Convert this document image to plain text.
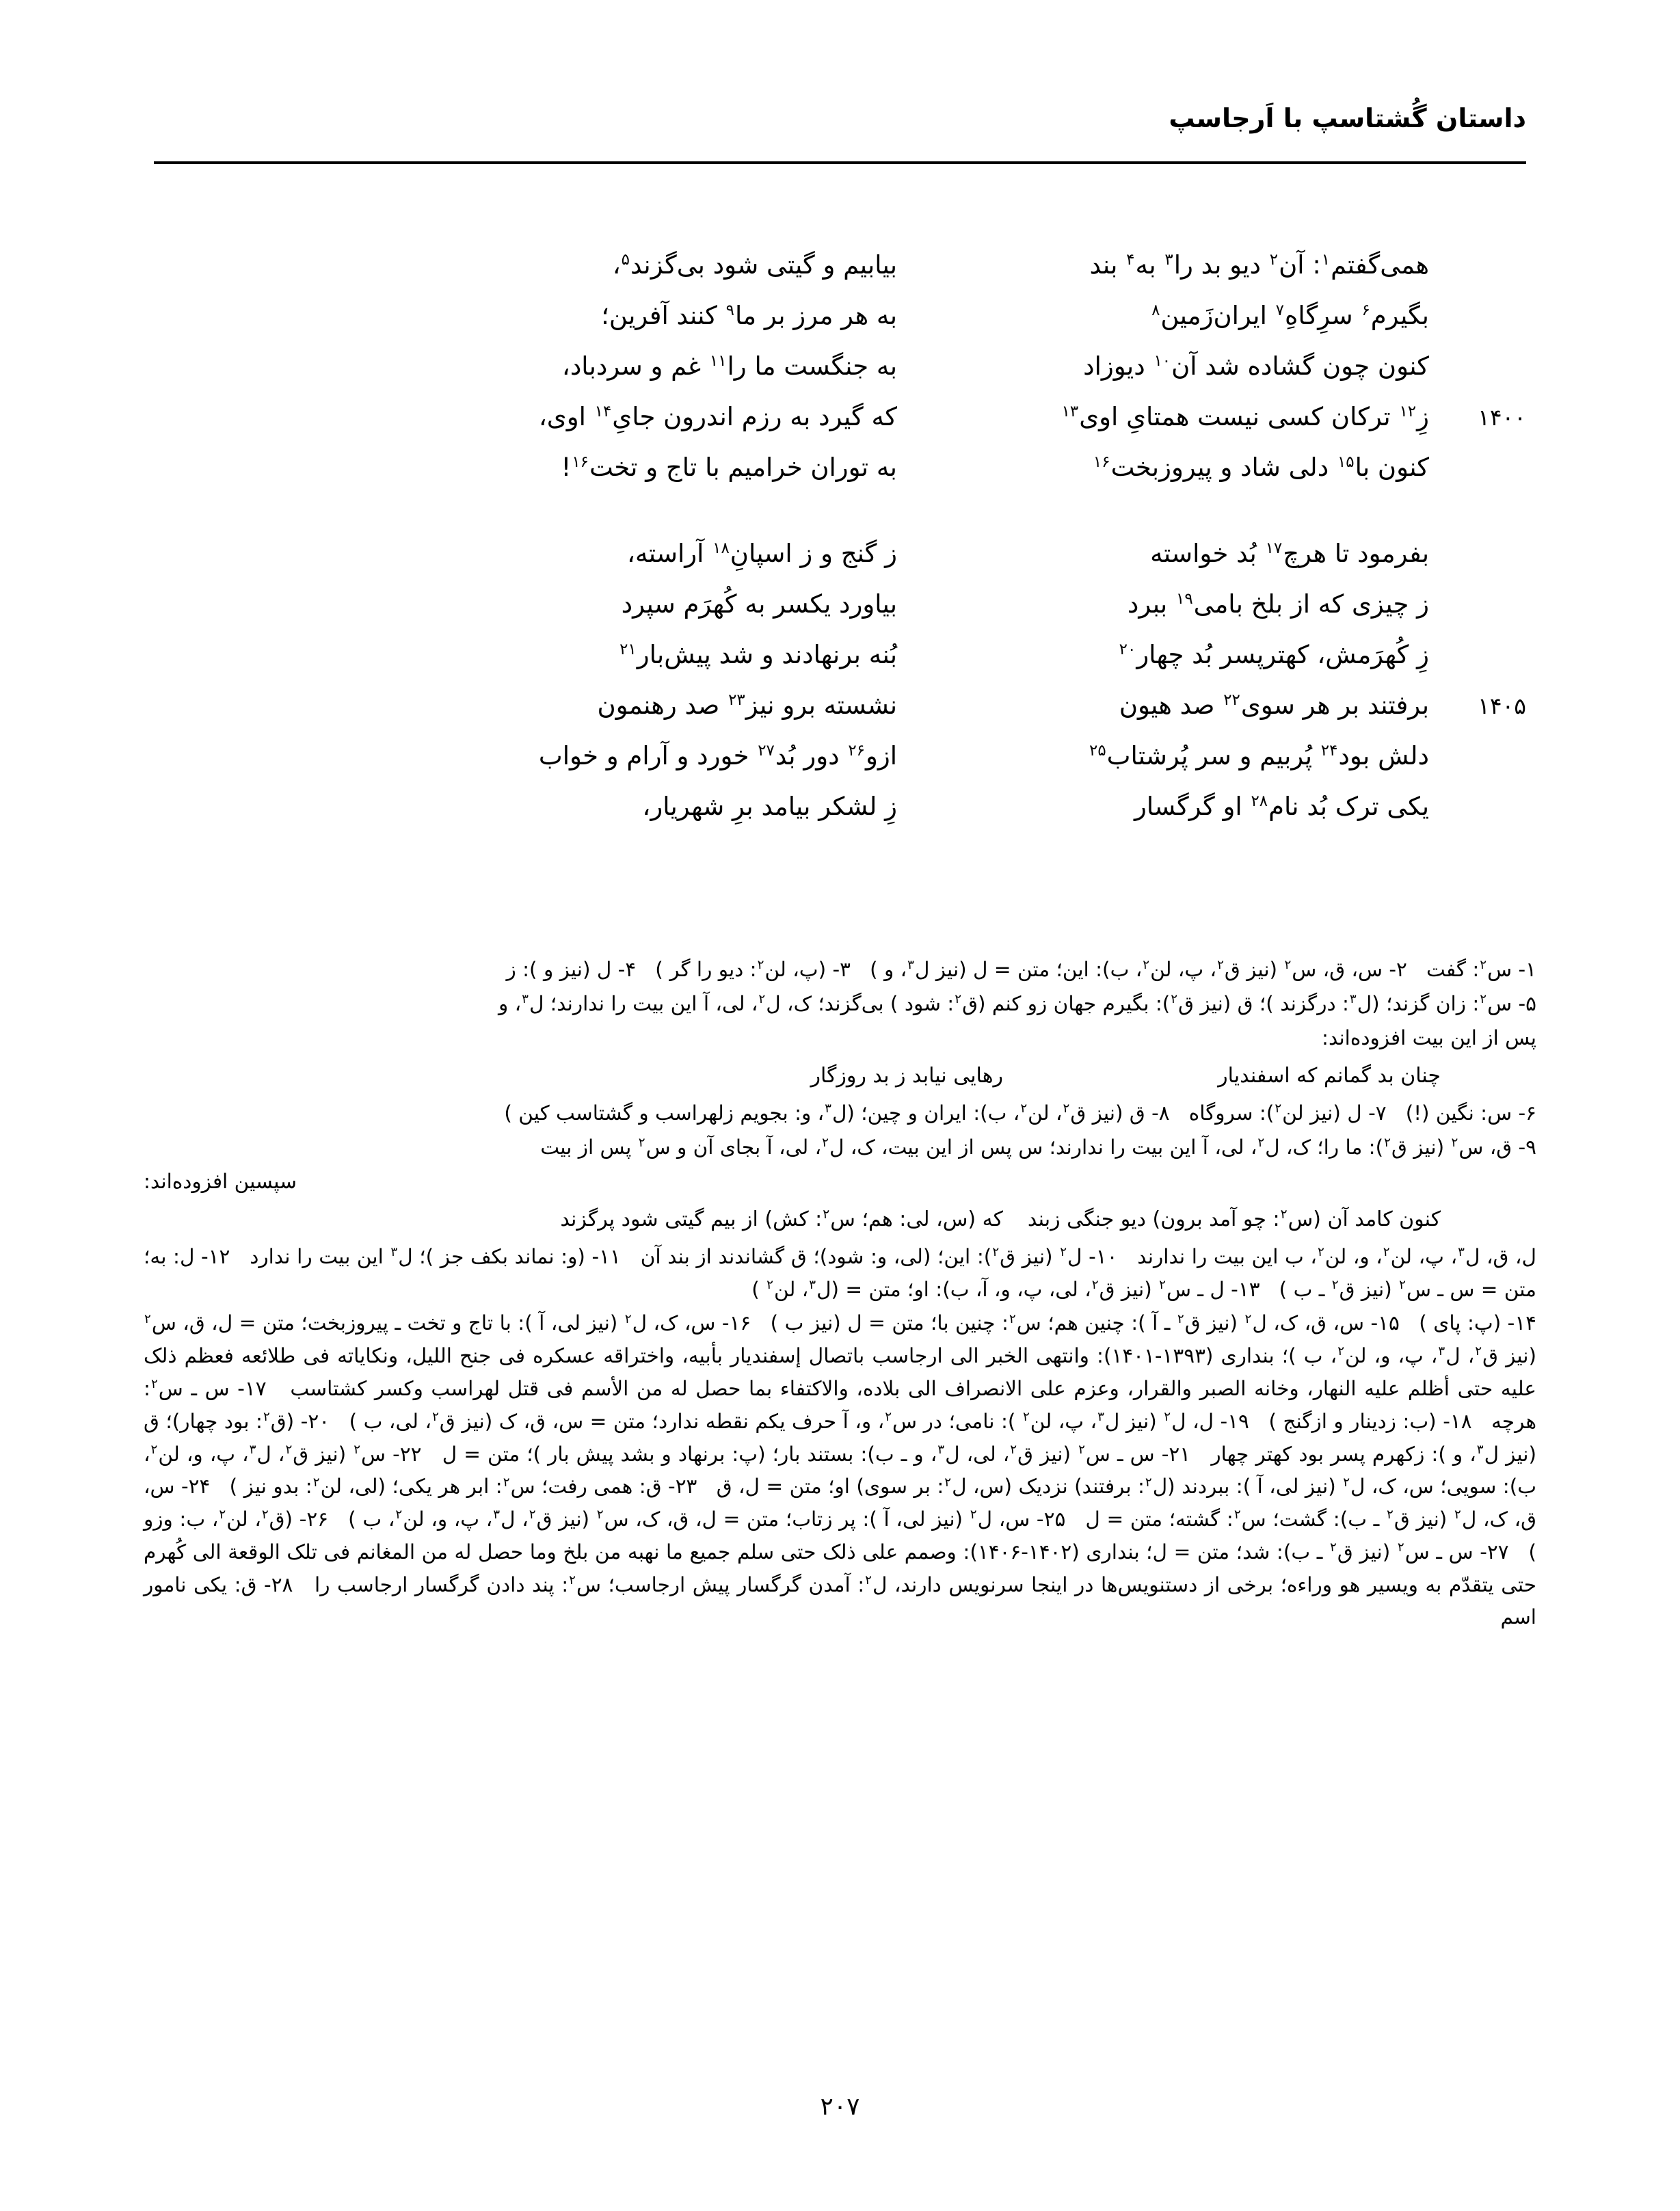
داستان گُشتاسپ با اَرجاسپ
همی‌گفتم$^۱$: آن$^۲$ دیو بد را$^۳$ به$^۴$ بند
بیابیم و گیتی شود بی‌گزند$^۵$،
بگیرم$^۶$ سرِگاهِ$^۷$ ایران‌زَمین$^۸$
به هر مرز بر ما$^۹$ کنند آفرین؛
کنون چون گشاده شد آن$^{۱۰}$ دیوزاد
به جنگست ما را$^{۱۱}$ غم و سردباد،
۱۴۰۰
زِ$^{۱۲}$ ترکان کسی نیست همتایِ اوی$^{۱۳}$
که گیرد به رزم اندرون جایِ$^{۱۴}$ اوی،
کنون با$^{۱۵}$ دلی شاد و پیروزبخت$^{۱۶}$
به توران خرامیم با تاج و تخت$^{۱۶}$!
بفرمود تا هرچ$^{۱۷}$ بُد خواسته
ز گنج و ز اسپانِ$^{۱۸}$ آراسته،
ز چیزی که از بلخ بامی$^{۱۹}$ ببرد
بیاورد یکسر به کُهرَم سپرد
زِ کُهرَمش، کهترپسر بُد چهار$^{۲۰}$
بُنه برنهادند و شد پیش‌بار$^{۲۱}$
۱۴۰۵
برفتند بر هر سوی$^{۲۲}$ صد هیون
نشسته برو نیز$^{۲۳}$ صد رهنمون
دلش بود$^{۲۴}$ پُربیم و سر پُرشتاب$^{۲۵}$
ازو$^{۲۶}$ دور بُد$^{۲۷}$ خورد و آرام و خواب
یکی ترک بُد نام$^{۲۸}$ او گرگسار
زِ لشکر بیامد برِ شهریار،
۱- س$^۲$: گفت   ۲- س، ق، س$^۲$ (نیز ق$^۲$، پ، لن$^۲$، ب): این؛ متن = ل (نیز ل$^۳$، و )   ۳- (پ، لن$^۲$: دیو را گر )   ۴- ل (نیز و ): ز
۵- س$^۲$: زان گزند؛ (ل$^۳$: درگزند )؛ ق (نیز ق$^۲$): بگیرم جهان زو کنم (ق$^۲$: شود ) بی‌گزند؛ ک، ل$^۲$، لی، آ این بیت را ندارند؛ ل$^۳$، و
پس از این بیت افزوده‌اند:
چنان بد گمانم که اسفندیار
رهایی نیابد ز بد روزگار
۶- س: نگین (!)   ۷- ل (نیز لن$^۲$): سروگاه   ۸- ق (نیز ق$^۲$، لن$^۲$، ب): ایران و چین؛ (ل$^۳$، و: بجویم زلهراسب و گشتاسب کین )
۹- ق، س$^۲$ (نیز ق$^۲$): ما را؛ ک، ل$^۲$، لی، آ این بیت را ندارند؛ س پس از این بیت، ک، ل$^۲$، لی، آ بجای آن و س$^۲$ پس از بیت
سپسین افزوده‌اند:
کنون کامد آن (س$^۲$: چو آمد برون) دیو جنگی زبند
که (س، لی: هم؛ س$^۲$: کش) از بیم گیتی شود پرگزند
ل، ق، ل$^۳$، پ، لن$^۲$، و، لن$^۲$، ب این بیت را ندارند   ۱۰- ل$^۲$ (نیز ق$^۲$): این؛ (لی، و: شود)؛ ق گشاندند از بند آن   ۱۱- (و: نماند بکف جز )؛ ل$^۳$ این بیت را ندارد   ۱۲- ل: به؛ متن = س ـ س$^۲$ (نیز ق$^۲$ ـ ب )   ۱۳- ل ـ س$^۲$ (نیز ق$^۲$، لی، پ، و، آ، ب): او؛ متن = (ل$^۳$، لن$^۲$ )
۱۴- (پ: پای )   ۱۵- س، ق، ک، ل$^۲$ (نیز ق$^۲$ ـ آ ): چنین هم؛ س$^۲$: چنین با؛ متن = ل (نیز ب )   ۱۶- س، ک، ل$^۲$ (نیز لی، آ ): با تاج و تخت ـ پیروزبخت؛ متن = ل، ق، س$^۲$ (نیز ق$^۲$، ل$^۳$، پ، و، لن$^۲$، ب )؛ بنداری (۱۳۹۳-۱۴۰۱): وانتهی الخبر الی ارجاسب باتصال إسفندیار بأبیه، واختراقه عسکره فی جنح اللیل، ونکایاته فی طلائعه فعظم ذلک علیه حتی أظلم علیه النهار، وخانه الصبر والقرار، وعزم علی الانصراف الی بلاده، والاکتفاء بما حصل له من الأسم فی قتل لهراسب وکسر کشتاسب   ۱۷- س ـ س$^۲$: هرچه   ۱۸- (ب: زدینار و ازگنج )   ۱۹- ل، ل$^۲$ (نیز ل$^۳$، پ، لن$^۲$ ): نامی؛ در س$^۲$، و، آ حرف یکم نقطه ندارد؛ متن = س، ق، ک (نیز ق$^۲$، لی، ب )   ۲۰- (ق$^۲$: بود چهار)؛ ق (نیز ل$^۳$، و ): زکهرم پسر بود کهتر چهار   ۲۱- س ـ س$^۲$ (نیز ق$^۲$، لی، ل$^۳$، و ـ ب): بستند بار؛ (پ: برنهاد و بشد پیش بار )؛ متن = ل   ۲۲- س$^۲$ (نیز ق$^۲$، ل$^۳$، پ، و، لن$^۲$، ب): سویی؛ س، ک، ل$^۲$ (نیز لی، آ ): ببردند (ل$^۲$: برفتند) نزدیک (س، ل$^۲$: بر سوی) او؛ متن = ل، ق   ۲۳- ق: همی رفت؛ س$^۲$: ابر هر یکی؛ (لی، لن$^۲$: بدو نیز )   ۲۴- س، ق، ک، ل$^۲$ (نیز ق$^۲$ ـ ب): گشت؛ س$^۲$: گشته؛ متن = ل   ۲۵- س، ل$^۲$ (نیز لی، آ ): پر زتاب؛ متن = ل، ق، ک، س$^۲$ (نیز ق$^۲$، ل$^۳$، پ، و، لن$^۲$، ب )   ۲۶- (ق$^۲$، لن$^۲$، ب: وزو )   ۲۷- س ـ س$^۲$ (نیز ق$^۲$ ـ ب): شد؛ متن = ل؛ بنداری (۱۴۰۲-۱۴۰۶): وصمم علی ذلک حتی سلم جمیع ما نهبه من بلخ وما حصل له من المغانم فی تلک الوقعة الی کُهرم حتی یتقدّم به ویسیر هو وراءه؛ برخی از دستنویس‌ها در اینجا سرنویس دارند، ل$^۲$: آمدن گرگسار پیش ارجاسب؛ س$^۲$: پند دادن گرگسار ارجاسب را   ۲۸- ق: یکی نامور اسم
۲۰۷
